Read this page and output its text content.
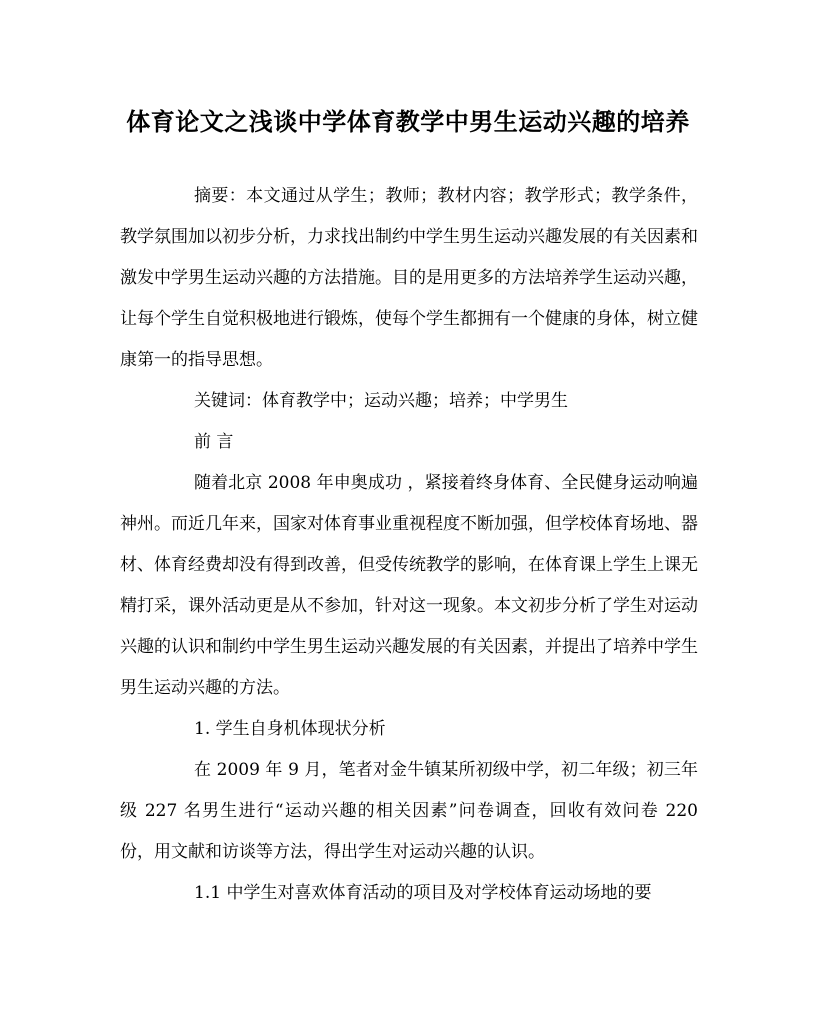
体育论文之浅谈中学体育教学中男生运动兴趣的培养

摘要：本文通过从学生；教师；教材内容；教学形式；教学条件，教学氛围加以初步分析，力求找出制约中学生男生运动兴趣发展的有关因素和激发中学男生运动兴趣的方法措施。目的是用更多的方法培养学生运动兴趣，让每个学生自觉积极地进行锻炼，使每个学生都拥有一个健康的身体，树立健康第一的指导思想。

关键词：体育教学中；运动兴趣；培养；中学男生

前 言

随着北京 2008 年申奥成功 ，紧接着终身体育、全民健身运动响遍神州。而近几年来，国家对体育事业重视程度不断加强，但学校体育场地、器材、体育经费却没有得到改善，但受传统教学的影响，在体育课上学生上课无精打采，课外活动更是从不参加，针对这一现象。本文初步分析了学生对运动兴趣的认识和制约中学生男生运动兴趣发展的有关因素，并提出了培养中学生男生运动兴趣的方法。

1. 学生自身机体现状分析

在 2009 年 9 月，笔者对金牛镇某所初级中学，初二年级；初三年级 227 名男生进行“运动兴趣的相关因素”问卷调查，回收有效问卷 220 份，用文献和访谈等方法，得出学生对运动兴趣的认识。

1.1 中学生对喜欢体育活动的项目及对学校体育运动场地的要
